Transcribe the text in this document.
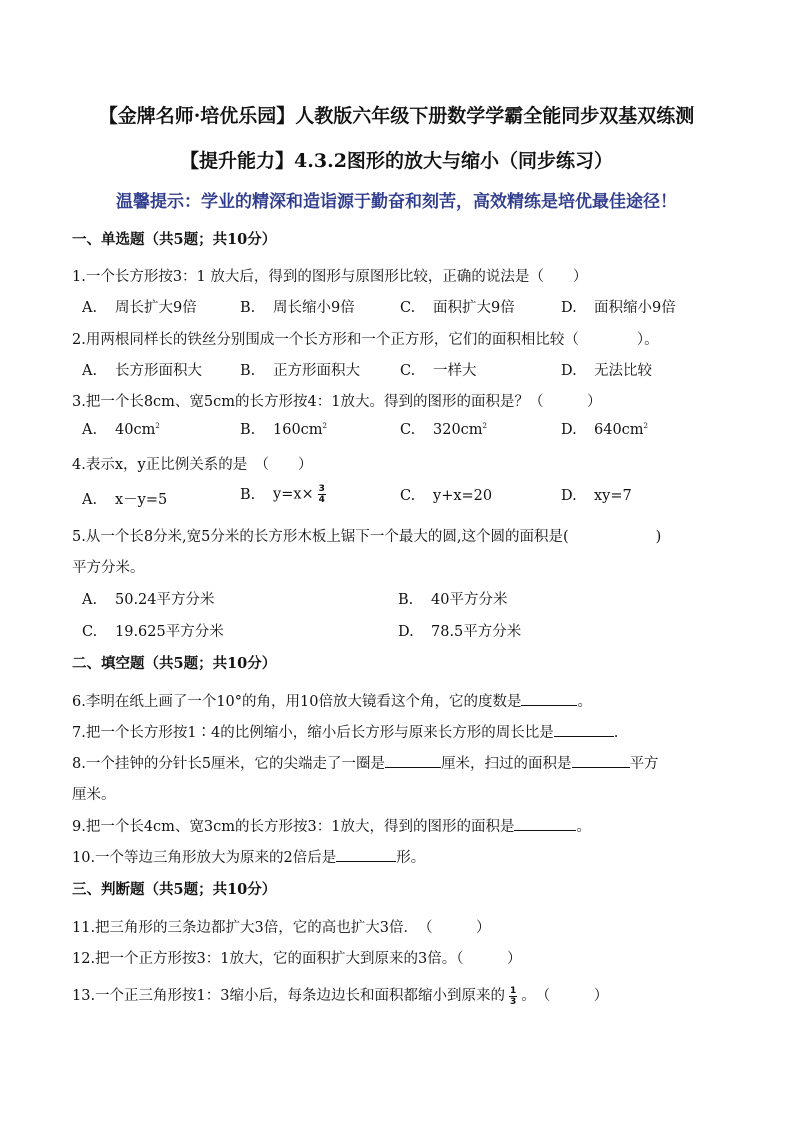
【金牌名师·培优乐园】人教版六年级下册数学学霸全能同步双基双练测
【提升能力】4.3.2图形的放大与缩小（同步练习）
温馨提示：学业的精深和造诣源于勤奋和刻苦，高效精练是培优最佳途径！
一、单选题（共5题；共10分）
1.一个长方形按3：1 放大后，得到的图形与原图形比较，正确的说法是（　　）
A. 周长扩大9倍	B. 周长缩小9倍	C. 面积扩大9倍	D. 面积缩小9倍
2.用两根同样长的铁丝分别围成一个长方形和一个正方形，它们的面积相比较（　　　　）。
A. 长方形面积大	B. 正方形面积大	C. 一样大	D. 无法比较
3.把一个长8cm、宽5cm的长方形按4：1放大。得到的图形的面积是？（　　　）
A. $40cm^2$	B. $160cm^2$	C. $320cm^2$	D. $640cm^2$
4.表示x，y正比例关系的是　（　　）
A. x－y=5	B. $y=x\times \frac{3}{4}$	C. y+x=20	D. xy=7
5.从一个长8分米,宽5分米的长方形木板上锯下一个最大的圆,这个圆的面积是(　　　　　　)
平方分米。
A. 50.24平方分米	B. 40平方分米
C. 19.625平方分米	D. 78.5平方分米
二、填空题（共5题；共10分）
6.李明在纸上画了一个10°的角，用10倍放大镜看这个角，它的度数是	。
7.把一个长方形按1∶4的比例缩小，缩小后长方形与原来长方形的周长比是	.
8.一个挂钟的分针长5厘米，它的尖端走了一圈是	厘米，扫过的面积是	平方
厘米。
9.把一个长4cm、宽3cm的长方形按3：1放大，得到的图形的面积是	。
10.一个等边三角形放大为原来的2倍后是	形。
三、判断题（共5题；共10分）
11.把三角形的三条边都扩大3倍，它的高也扩大3倍．　（　　　）
12.把一个正方形按3：1放大，它的面积扩大到原来的3倍。（　　　）
13.一个正三角形按1：3缩小后，每条边边长和面积都缩小到原来的 $\frac{1}{3}$ 。　（　　　）
